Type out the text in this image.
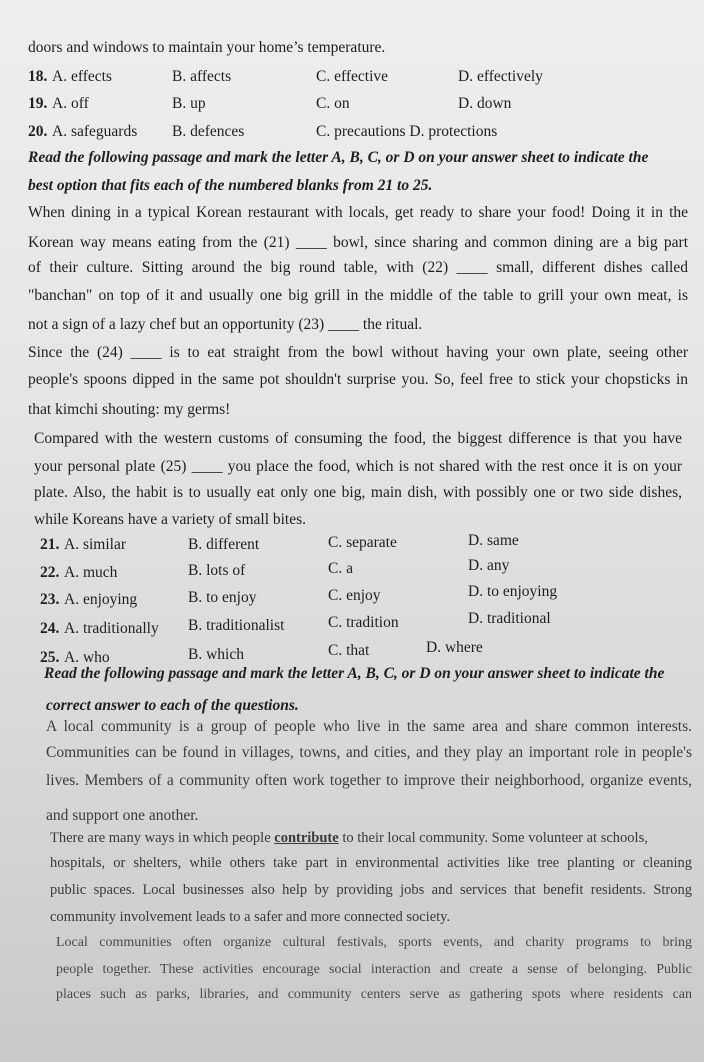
doors and windows to maintain your home’s temperature.
18. A. effects	B. affects	C. effective	D. effectively
19. A. off	B. up	C. on	D. down
20. A. safeguards B. defences	C. precautions D. protections
Read the following passage and mark the letter A, B, C, or D on your answer sheet to indicate the
best option that fits each of the numbered blanks from 21 to 25.
When dining in a typical Korean restaurant with locals, get ready to share your food! Doing it in the
Korean way means eating from the (21) ____ bowl, since sharing and common dining are a big part
of their culture. Sitting around the big round table, with (22) ____ small, different dishes called
"banchan" on top of it and usually one big grill in the middle of the table to grill your own meat, is
not a sign of a lazy chef but an opportunity (23) ____ the ritual.
Since the (24) ____ is to eat straight from the bowl without having your own plate, seeing other
people's spoons dipped in the same pot shouldn't surprise you. So, feel free to stick your chopsticks in
that kimchi shouting: my germs!
Compared with the western customs of consuming the food, the biggest difference is that you have
your personal plate (25) ____ you place the food, which is not shared with the rest once it is on your
plate. Also, the habit is to usually eat only one big, main dish, with possibly one or two side dishes,
while Koreans have a variety of small bites.
21. A. similar	B. different	C. separate	D. same
22. A. much	B. lots of	C. a	D. any
23. A. enjoying	B. to enjoy	C. enjoy	D. to enjoying
24. A. traditionally B. traditionalist	C. tradition	D. traditional
25. A. who	B. which	C. that	D. where
Read the following passage and mark the letter A, B, C, or D on your answer sheet to indicate the
correct answer to each of the questions.
A local community is a group of people who live in the same area and share common interests.
Communities can be found in villages, towns, and cities, and they play an important role in people's
lives. Members of a community often work together to improve their neighborhood, organize events,
and support one another.
There are many ways in which people contribute to their local community. Some volunteer at schools,
hospitals, or shelters, while others take part in environmental activities like tree planting or cleaning
public spaces. Local businesses also help by providing jobs and services that benefit residents. Strong
community involvement leads to a safer and more connected society.
Local communities often organize cultural festivals, sports events, and charity programs to bring
people together. These activities encourage social interaction and create a sense of belonging. Public
places such as parks, libraries, and community centers serve as gathering spots where residents can
